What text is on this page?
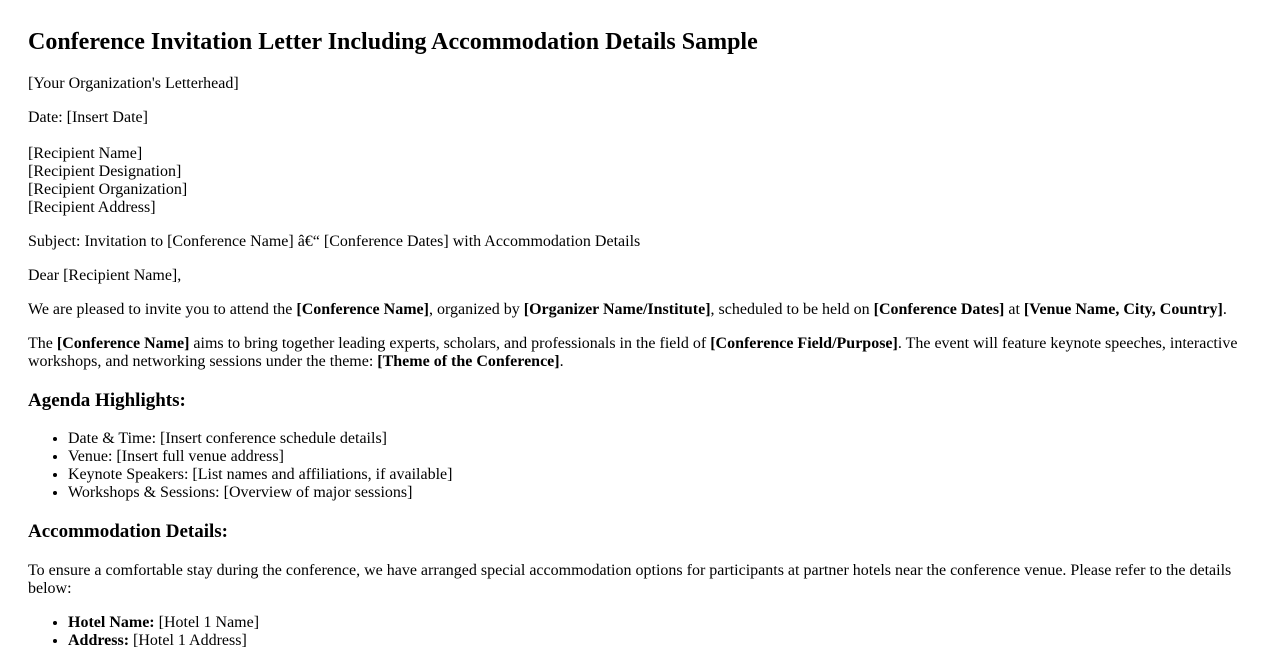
Conference Invitation Letter Including Accommodation Details Sample

[Your Organization's Letterhead]

Date: [Insert Date]

[Recipient Name]
[Recipient Designation]
[Recipient Organization]
[Recipient Address]

Subject: Invitation to [Conference Name] â€“ [Conference Dates] with Accommodation Details

Dear [Recipient Name],

We are pleased to invite you to attend the [Conference Name], organized by [Organizer Name/Institute], scheduled to be held on [Conference Dates] at [Venue Name, City, Country].

The [Conference Name] aims to bring together leading experts, scholars, and professionals in the field of [Conference Field/Purpose]. The event will feature keynote speeches, interactive workshops, and networking sessions under the theme: [Theme of the Conference].

Agenda Highlights:
• Date & Time: [Insert conference schedule details]
• Venue: [Insert full venue address]
• Keynote Speakers: [List names and affiliations, if available]
• Workshops & Sessions: [Overview of major sessions]
Accommodation Details:

To ensure a comfortable stay during the conference, we have arranged special accommodation options for participants at partner hotels near the conference venue. Please refer to the details below:

• Hotel Name: [Hotel 1 Name]
• Address: [Hotel 1 Address]
